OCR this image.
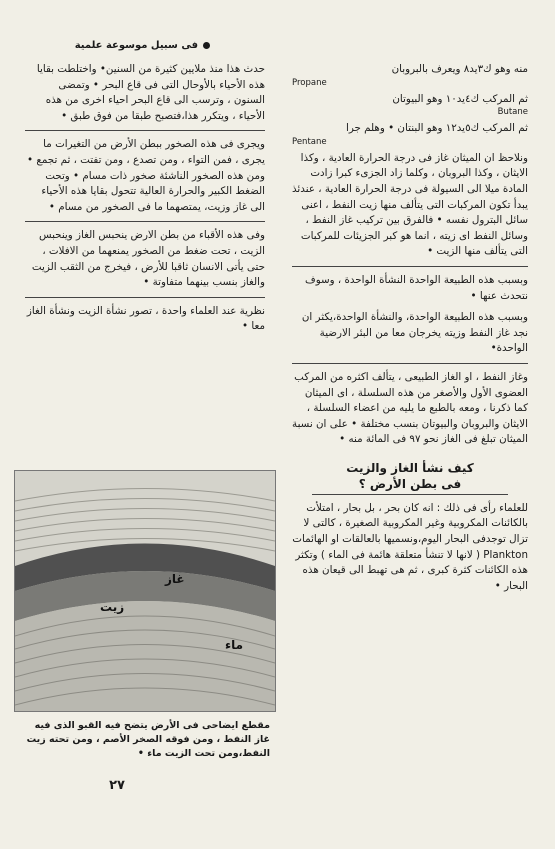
فى سبيل موسوعة علمية

منه وهو ك٣يد٨ ويعرف بالبروبان

Propane

ثم المركب ك٤يد١٠ وهو البيوتان

Butane

ثم المركب ك٥يد١٢ وهو البنتان • وهلم جرا

Pentane

ونلاحظ ان الميثان غاز فى درجة الحرارة العادية ، وكذا الايثان ، وكذا البروبان ، وكلما زاد الجزىء كبرا زادت المادة ميلا الى السيولة فى درجة الحرارة العادية ، عندئذ يبدأ تكون المركبات التى يتألف منها زيت النفط ، اعنى سائل البترول نفسه • فالفرق بين تركيب غاز النفط ، وسائل النفط اى زيته ، انما هو كبر الجزيئات للمركبات التى يتألف منها الزيت •

وبسبب هذه الطبيعة الواحدة النشأة الواحدة ، وسوف نتحدث عنها •

وبسبب هذه الطبيعة الواحدة، والنشأة الواحدة،يكثر ان نجد غاز النفط وزيته يخرجان معا من البئر الارضية الواحدة•

وغاز النفط ، او الغاز الطبيعى ، يتألف اكثره من المركب العضوى الأول والأصغر من هذه السلسلة ، اى الميثان كما ذكرنا ، ومعه بالطبع ما يليه من اعضاء السلسلة ، الايثان والبروبان والبيوتان بنسب مختلفة • على ان نسبة الميثان تبلغ فى الغاز نحو ٩٧ فى المائة منه •

كيف نشأ الغاز والزيت
فى بطن الأرض ؟

للعلماء رأى فى ذلك : انه كان بحر ، بل بحار ، امتلأت بالكائنات المكروبية وغير المكروبية الصغيرة ، كالتى لا تزال توجدفى البحار اليوم،ونسميها بالعالقات او الهائمات Plankton ( لانها لا تنشأ متعلقة هائمة فى الماء ) وتكثر هذه الكائنات كثرة كبرى ، ثم هى تهبط الى قيعان هذه البحار •

حدث هذا منذ ملايين كثيرة من السنين• واختلطت بقايا هذه الأحياء بالأوحال التى فى قاع البحر • وتمضى السنون ، وترسب الى قاع البحر احياء اخرى من هذه الأحياء ، ويتكرر هذا،فتصبح طبقا من فوق طبق •

ويجرى فى هذه الصخور ببطن الأرض من التغيرات ما يجرى ، فمن التواء ، ومن تصدع ، ومن تفتت ، ثم تجمع • ومن هذه الصخور الناشئة صخور ذات مسام • وتحت الضغط الكبير والحرارة العالية تتحول بقايا هذه الأحياء الى غاز وزيت، يمتصهما ما فى الصخور من مسام •

وفى هذه الأقباء من بطن الارض ينحبس الغاز وينحبس الزيت ، تحت ضغط من الصخور يمنعهما من الافلات ، حتى يأتى الانسان ثاقبا للأرض ، فيخرج من الثقب الزيت والغاز بنسب بينهما متفاوتة •

نظرية عند العلماء واحدة ، تصور نشأة الزيت ونشأة الغاز معا •

غاز
زيت
ماء
مقطع ايضاحى فى الأرض يتضح فيه القبو الذى فيه غاز النفط ، ومن فوقه الصخر الأصم ، ومن تحته زيت النفط،ومن تحت الزيت ماء •
٢٧
